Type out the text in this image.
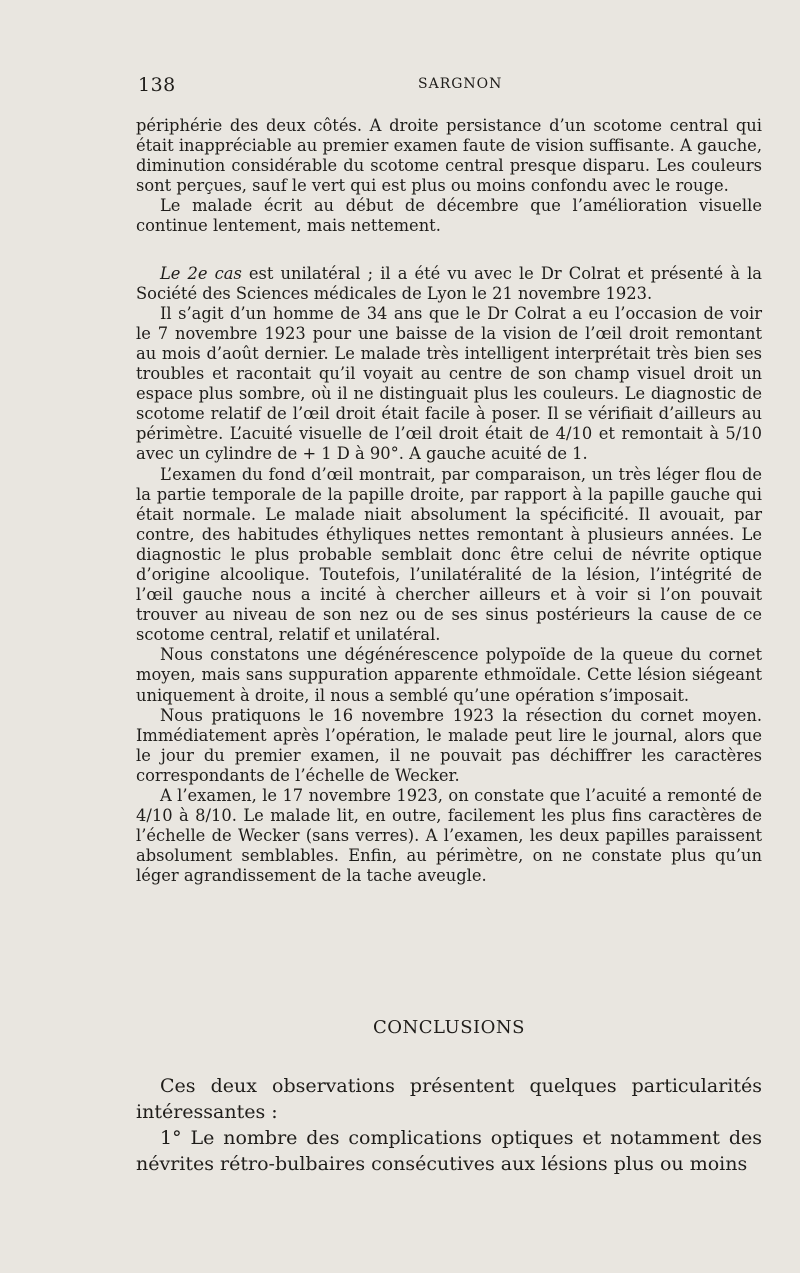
138	SARGNON

périphérie des deux côtés. A droite persistance d’un scotome central qui était inappréciable au premier examen faute de vision suffisante. A gauche, diminution considérable du scotome central presque disparu. Les couleurs sont perçues, sauf le vert qui est plus ou moins confondu avec le rouge.

Le malade écrit au début de décembre que l’amélioration visuelle continue lentement, mais nettement.

Le 2e cas est unilatéral ; il a été vu avec le Dr Colrat et présenté à la Société des Sciences médicales de Lyon le 21 novembre 1923.

Il s’agit d’un homme de 34 ans que le Dr Colrat a eu l’occasion de voir le 7 novembre 1923 pour une baisse de la vision de l’œil droit remontant au mois d’août dernier. Le malade très intelligent interprétait très bien ses troubles et racontait qu’il voyait au centre de son champ visuel droit un espace plus sombre, où il ne distinguait plus les couleurs. Le diagnostic de scotome relatif de l’œil droit était facile à poser. Il se vérifiait d’ailleurs au périmètre. L’acuité visuelle de l’œil droit était de 4/10 et remontait à 5/10 avec un cylindre de + 1 D à 90°. A gauche acuité de 1.

L’examen du fond d’œil montrait, par comparaison, un très léger flou de la partie temporale de la papille droite, par rapport à la papille gauche qui était normale. Le malade niait absolument la spécificité. Il avouait, par contre, des habitudes éthyliques nettes remontant à plusieurs années. Le diagnostic le plus probable semblait donc être celui de névrite optique d’origine alcoolique. Toutefois, l’unilatéralité de la lésion, l’intégrité de l’œil gauche nous a incité à chercher ailleurs et à voir si l’on pouvait trouver au niveau de son nez ou de ses sinus postérieurs la cause de ce scotome central, relatif et unilatéral.

Nous constatons une dégénérescence polypoïde de la queue du cornet moyen, mais sans suppuration apparente ethmoïdale. Cette lésion siégeant uniquement à droite, il nous a semblé qu’une opération s’imposait.

Nous pratiquons le 16 novembre 1923 la résection du cornet moyen. Immédiatement après l’opération, le malade peut lire le journal, alors que le jour du premier examen, il ne pouvait pas déchiffrer les caractères correspondants de l’échelle de Wecker.

A l’examen, le 17 novembre 1923, on constate que l’acuité a remonté de 4/10 à 8/10. Le malade lit, en outre, facilement les plus fins caractères de l’échelle de Wecker (sans verres). A l’examen, les deux papilles paraissent absolument semblables. Enfin, au périmètre, on ne constate plus qu’un léger agrandissement de la tache aveugle.

CONCLUSIONS

Ces deux observations présentent quelques particularités intéressantes :

1° Le nombre des complications optiques et notamment des névrites rétro-bulbaires consécutives aux lésions plus ou moins
